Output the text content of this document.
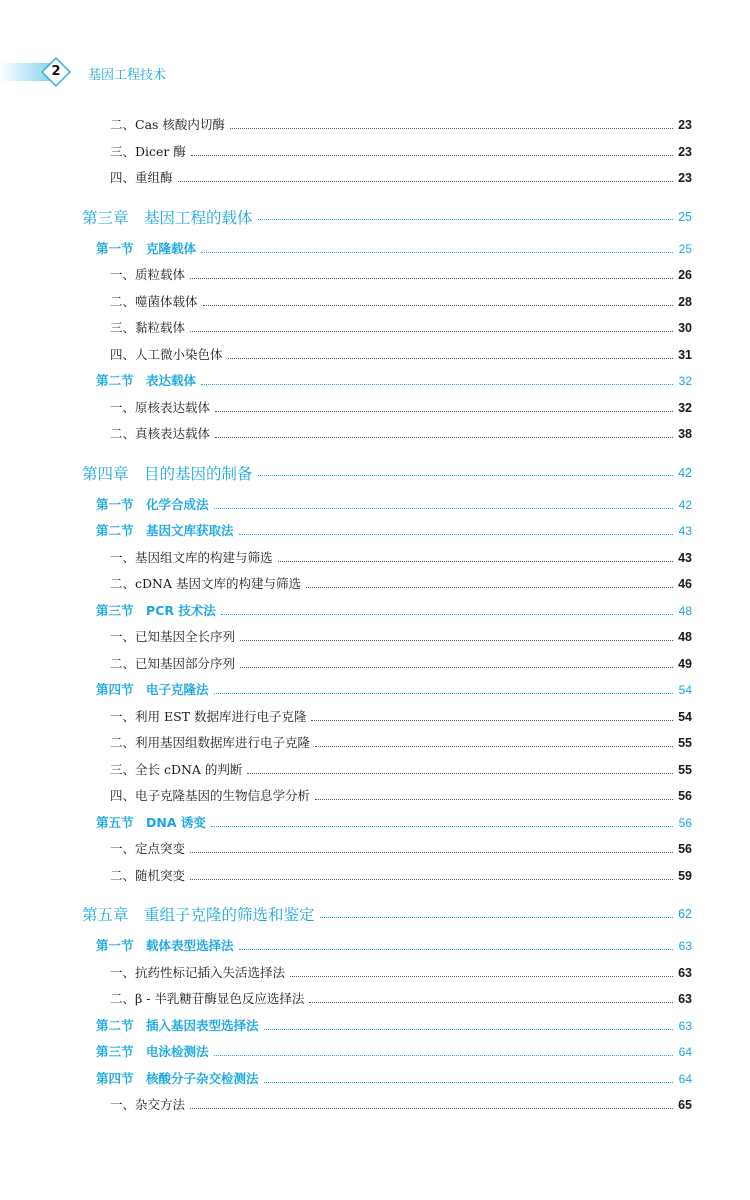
2	基因工程技术
二、Cas 核酸内切酶	23
三、Dicer 酶	23
四、重组酶	23
第三章　基因工程的载体	25
第一节　克隆载体	25
一、质粒载体	26
二、噬菌体载体	28
三、黏粒载体	30
四、人工微小染色体	31
第二节　表达载体	32
一、原核表达载体	32
二、真核表达载体	38
第四章　目的基因的制备	42
第一节　化学合成法	42
第二节　基因文库获取法	43
一、基因组文库的构建与筛选	43
二、cDNA 基因文库的构建与筛选	46
第三节　PCR 技术法	48
一、已知基因全长序列	48
二、已知基因部分序列	49
第四节　电子克隆法	54
一、利用 EST 数据库进行电子克隆	54
二、利用基因组数据库进行电子克隆	55
三、全长 cDNA 的判断	55
四、电子克隆基因的生物信息学分析	56
第五节　DNA 诱变	56
一、定点突变	56
二、随机突变	59
第五章　重组子克隆的筛选和鉴定	62
第一节　载体表型选择法	63
一、抗药性标记插入失活选择法	63
二、β - 半乳糖苷酶显色反应选择法	63
第二节　插入基因表型选择法	63
第三节　电泳检测法	64
第四节　核酸分子杂交检测法	64
一、杂交方法	65
